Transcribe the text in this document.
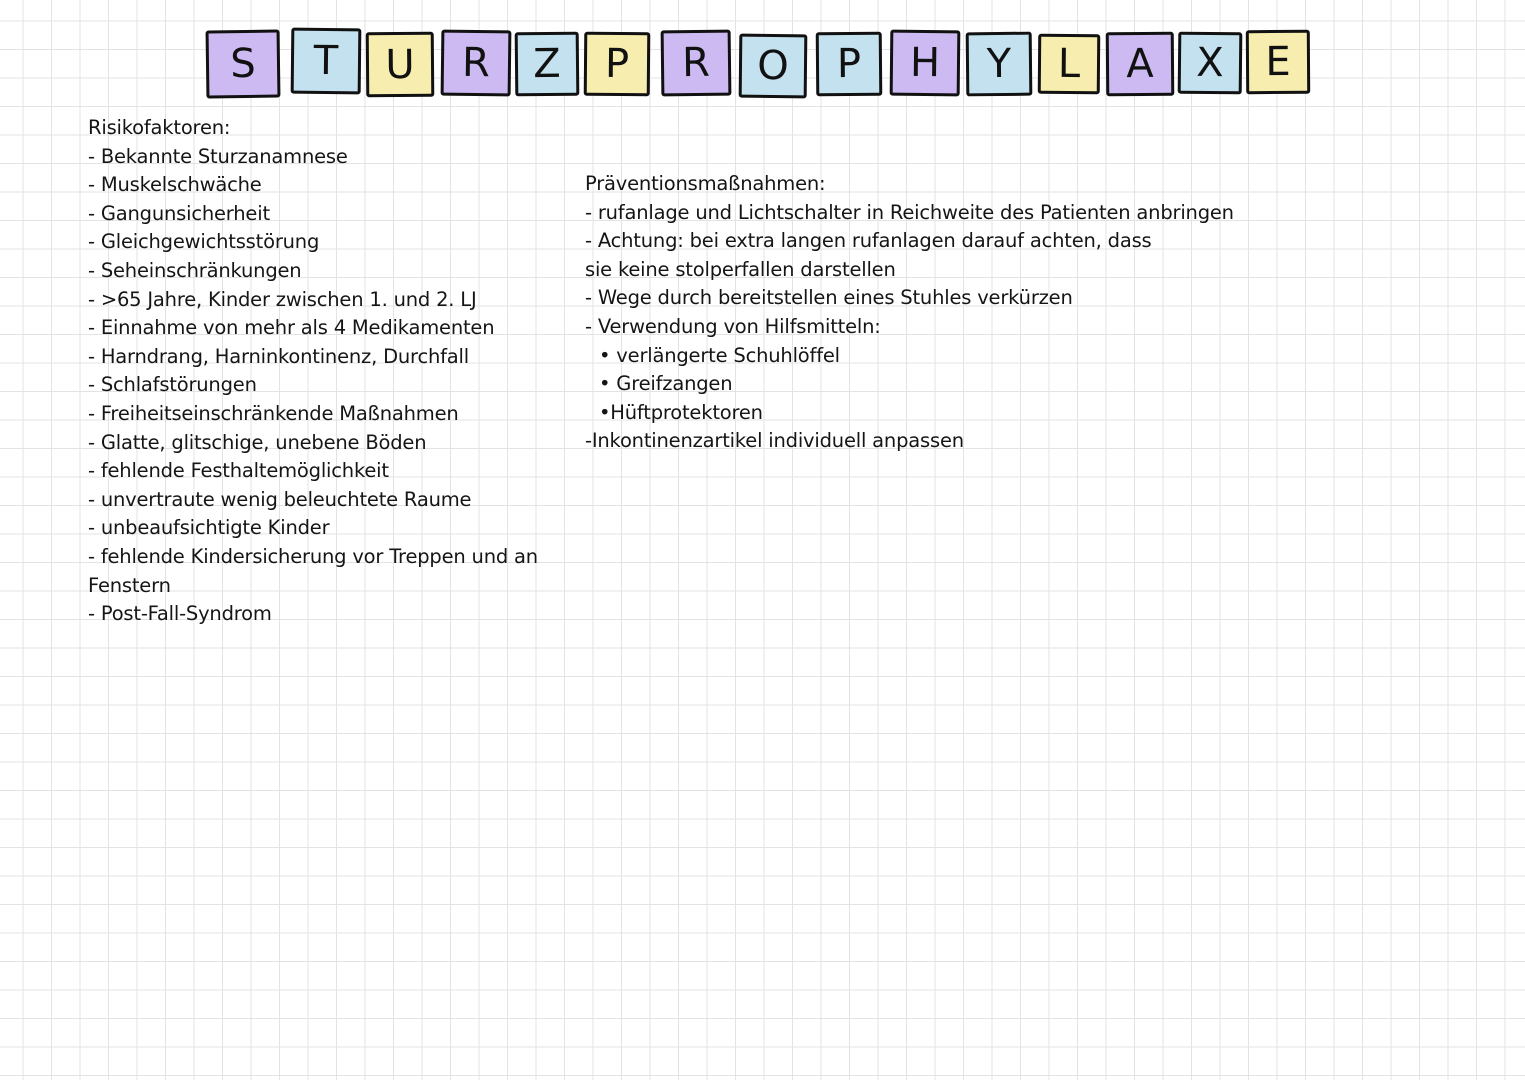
S T U R Z P R O P H Y L A X E
Risikofaktoren:
- Bekannte Sturzanamnese
- Muskelschwäche
- Gangunsicherheit
- Gleichgewichtsstörung
- Seheinschränkungen
- >65 Jahre, Kinder zwischen 1. und 2. LJ
- Einnahme von mehr als 4 Medikamenten
- Harndrang, Harninkontinenz, Durchfall
- Schlafstörungen
- Freiheitseinschränkende Maßnahmen
- Glatte, glitschige, unebene Böden
- fehlende Festhaltemöglichkeit
- unvertraute wenig beleuchtete Raume
- unbeaufsichtigte Kinder
- fehlende Kindersicherung vor Treppen und an Fenstern
- Post-Fall-Syndrom
Präventionsmaßnahmen:
- rufanlage und Lichtschalter in Reichweite des Patienten anbringen
- Achtung: bei extra langen rufanlagen darauf achten, dass sie keine stolperfallen darstellen
- Wege durch bereitstellen eines Stuhles verkürzen
- Verwendung von Hilfsmitteln:
• verlängerte Schuhlöffel
• Greifzangen
•Hüftprotektoren
-Inkontinenzartikel individuell anpassen
